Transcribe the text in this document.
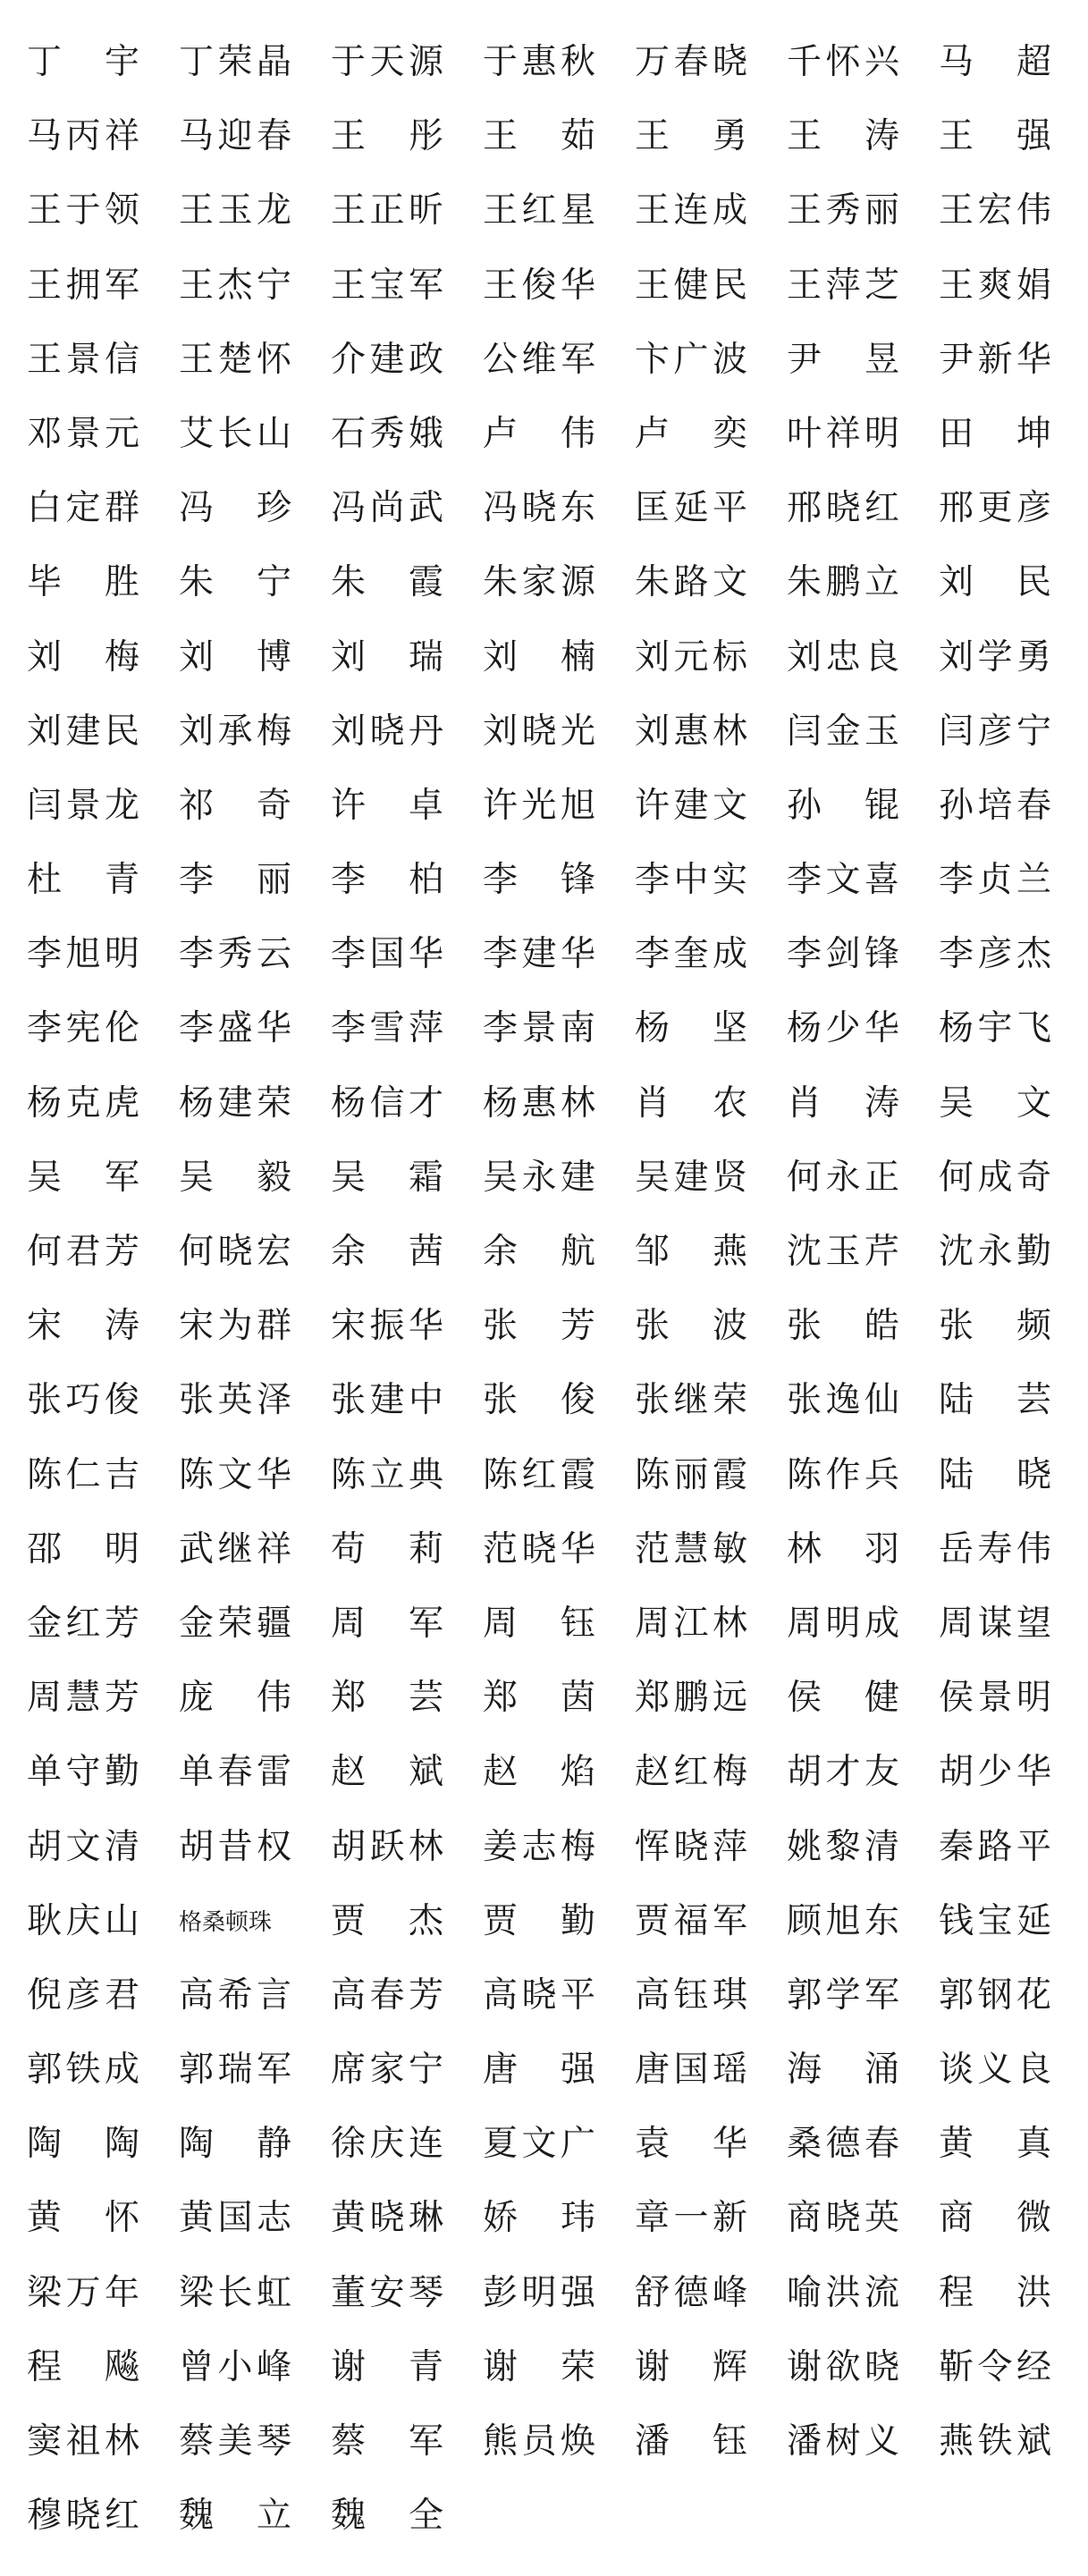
丁宇 丁荣晶 于天源 于惠秋 万春晓 千怀兴 马超
马丙祥 马迎春 王彤 王茹 王勇 王涛 王强
王于领 王玉龙 王正昕 王红星 王连成 王秀丽 王宏伟
王拥军 王杰宁 王宝军 王俊华 王健民 王萍芝 王爽娟
王景信 王楚怀 介建政 公维军 卞广波 尹昱 尹新华
邓景元 艾长山 石秀娥 卢伟 卢奕 叶祥明 田坤
白定群 冯珍 冯尚武 冯晓东 匡延平 邢晓红 邢更彦
毕胜 朱宁 朱霞 朱家源 朱路文 朱鹏立 刘民
刘梅 刘博 刘瑞 刘楠 刘元标 刘忠良 刘学勇
刘建民 刘承梅 刘晓丹 刘晓光 刘惠林 闫金玉 闫彦宁
闫景龙 祁奇 许卓 许光旭 许建文 孙锟 孙培春
杜青 李丽 李柏 李锋 李中实 李文喜 李贞兰
李旭明 李秀云 李国华 李建华 李奎成 李剑锋 李彦杰
李宪伦 李盛华 李雪萍 李景南 杨坚 杨少华 杨宇飞
杨克虎 杨建荣 杨信才 杨惠林 肖农 肖涛 吴文
吴军 吴毅 吴霜 吴永建 吴建贤 何永正 何成奇
何君芳 何晓宏 余茜 余航 邹燕 沈玉芹 沈永勤
宋涛 宋为群 宋振华 张芳 张波 张皓 张频
张巧俊 张英泽 张建中 张俊 张继荣 张逸仙 陆芸
陈仁吉 陈文华 陈立典 陈红霞 陈丽霞 陈作兵 陆晓
邵明 武继祥 苟莉 范晓华 范慧敏 林羽 岳寿伟
金红芳 金荣疆 周军 周钰 周江林 周明成 周谋望
周慧芳 庞伟 郑芸 郑茵 郑鹏远 侯健 侯景明
单守勤 单春雷 赵斌 赵焰 赵红梅 胡才友 胡少华
胡文清 胡昔权 胡跃林 姜志梅 恽晓萍 姚黎清 秦路平
耿庆山 格桑顿珠	贾杰 贾勤 贾福军 顾旭东 钱宝延
倪彦君 高希言 高春芳 高晓平 高钰琪 郭学军 郭钢花
郭铁成 郭瑞军 席家宁 唐强 唐国瑶 海涌 谈义良
陶陶 陶静 徐庆连 夏文广 袁华 桑德春 黄真
黄怀 黄国志 黄晓琳 娇玮 章一新 商晓英 商微
梁万年 梁长虹 董安琴 彭明强 舒德峰 喻洪流 程洪
程飚 曾小峰 谢青 谢荣 谢辉 谢欲晓 靳令经
窦祖林 蔡美琴 蔡军 熊员焕 潘钰 潘树义 燕铁斌
穆晓红 魏立 魏全
